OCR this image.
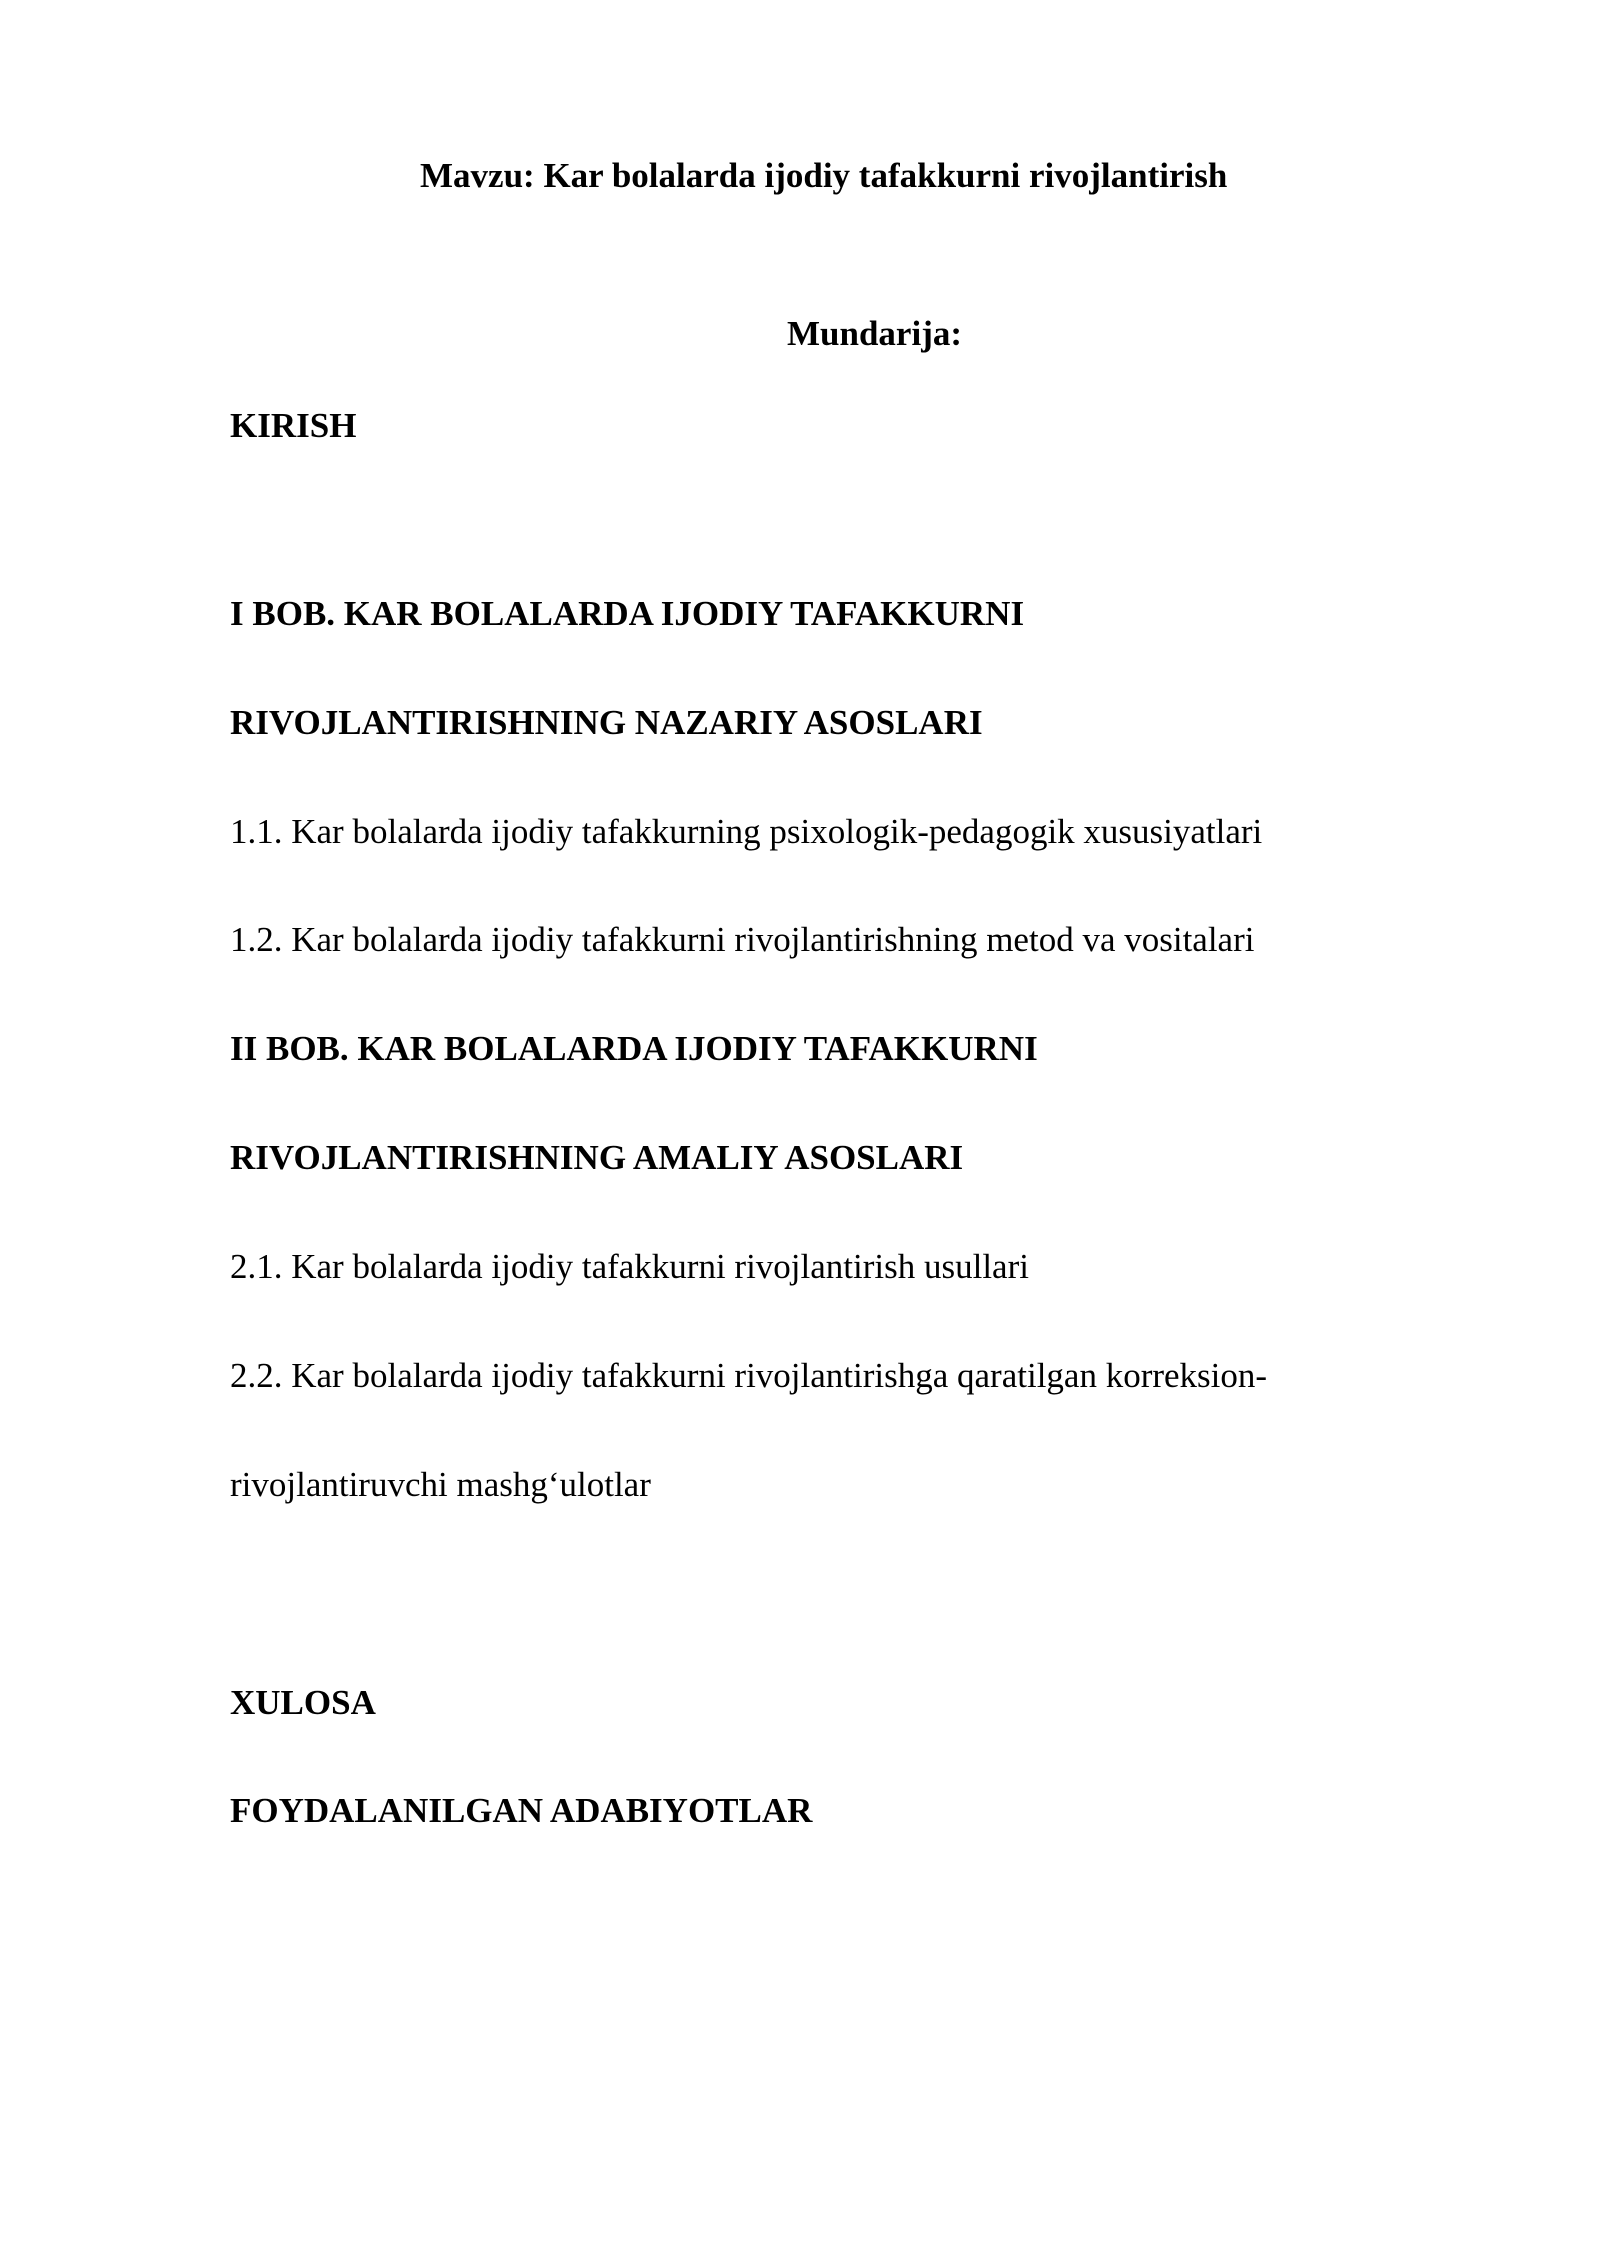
Mavzu: Kar bolalarda ijodiy tafakkurni rivojlantirish
Mundarija:
KIRISH
I BOB. KAR BOLALARDA IJODIY TAFAKKURNI
RIVOJLANTIRISHNING NAZARIY ASOSLARI
1.1. Kar bolalarda ijodiy tafakkurning psixologik-pedagogik xususiyatlari
1.2. Kar bolalarda ijodiy tafakkurni rivojlantirishning metod va vositalari
II BOB. KAR BOLALARDA IJODIY TAFAKKURNI
RIVOJLANTIRISHNING AMALIY ASOSLARI
2.1. Kar bolalarda ijodiy tafakkurni rivojlantirish usullari
2.2. Kar bolalarda ijodiy tafakkurni rivojlantirishga qaratilgan korreksion-
rivojlantiruvchi mashg‘ulotlar
XULOSA
FOYDALANILGAN ADABIYOTLAR
